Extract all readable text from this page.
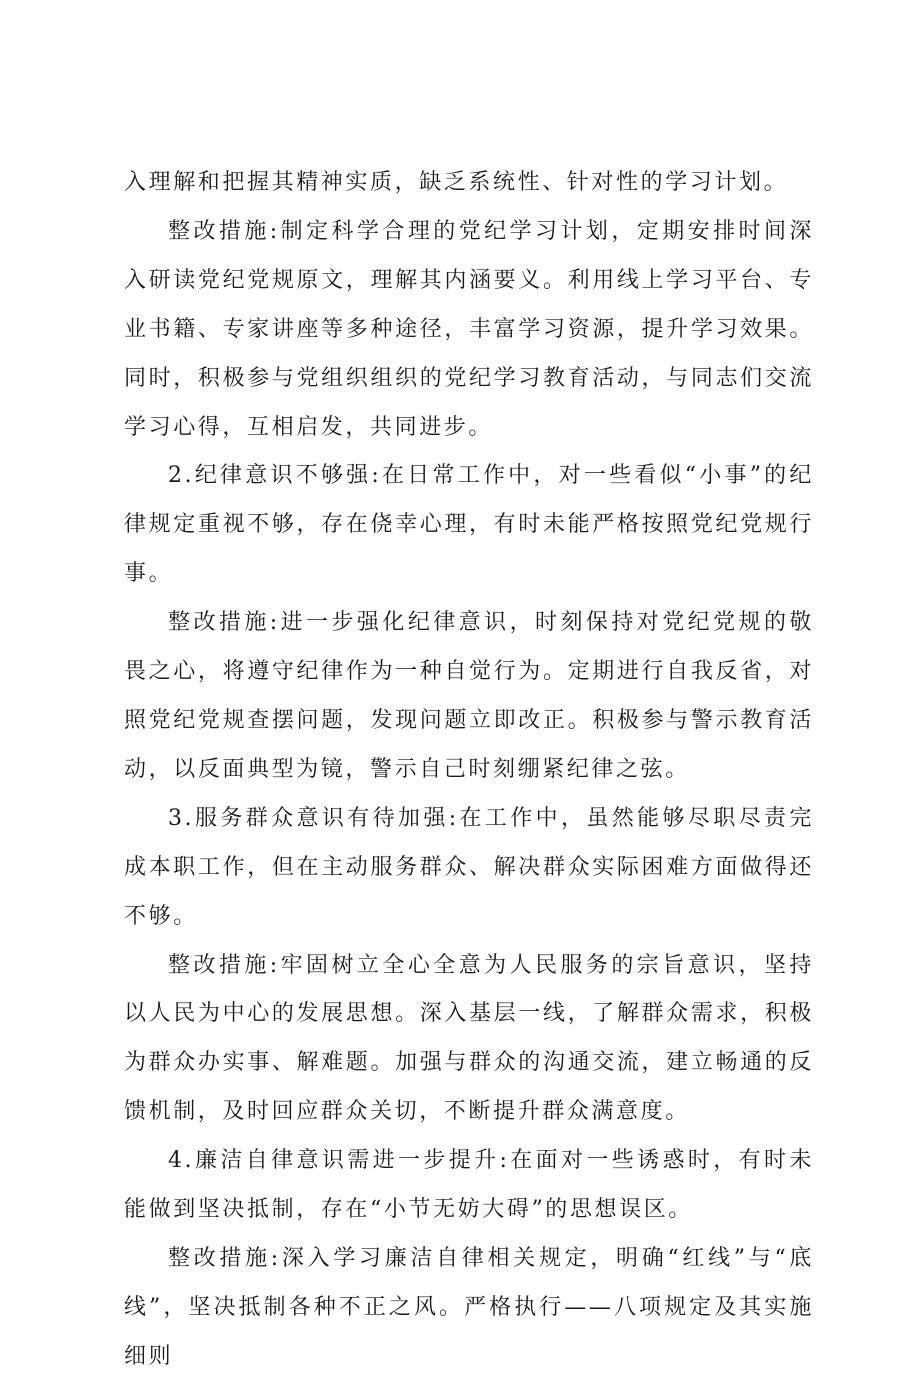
入理解和把握其精神实质，缺乏系统性、针对性的学习计划。

整改措施:制定科学合理的党纪学习计划，定期安排时间深入研读党纪党规原文，理解其内涵要义。利用线上学习平台、专业书籍、专家讲座等多种途径，丰富学习资源，提升学习效果。同时，积极参与党组织组织的党纪学习教育活动，与同志们交流学习心得，互相启发，共同进步。

2.纪律意识不够强:在日常工作中，对一些看似“小事”的纪律规定重视不够，存在侥幸心理，有时未能严格按照党纪党规行事。

整改措施:进一步强化纪律意识，时刻保持对党纪党规的敬畏之心，将遵守纪律作为一种自觉行为。定期进行自我反省，对照党纪党规查摆问题，发现问题立即改正。积极参与警示教育活动，以反面典型为镜，警示自己时刻绷紧纪律之弦。

3.服务群众意识有待加强:在工作中，虽然能够尽职尽责完成本职工作，但在主动服务群众、解决群众实际困难方面做得还不够。

整改措施:牢固树立全心全意为人民服务的宗旨意识，坚持以人民为中心的发展思想。深入基层一线，了解群众需求，积极为群众办实事、解难题。加强与群众的沟通交流，建立畅通的反馈机制，及时回应群众关切，不断提升群众满意度。

4.廉洁自律意识需进一步提升:在面对一些诱惑时，有时未能做到坚决抵制，存在“小节无妨大碍”的思想误区。

整改措施:深入学习廉洁自律相关规定，明确“红线”与“底线”，坚决抵制各种不正之风。严格执行——八项规定及其实施细则
